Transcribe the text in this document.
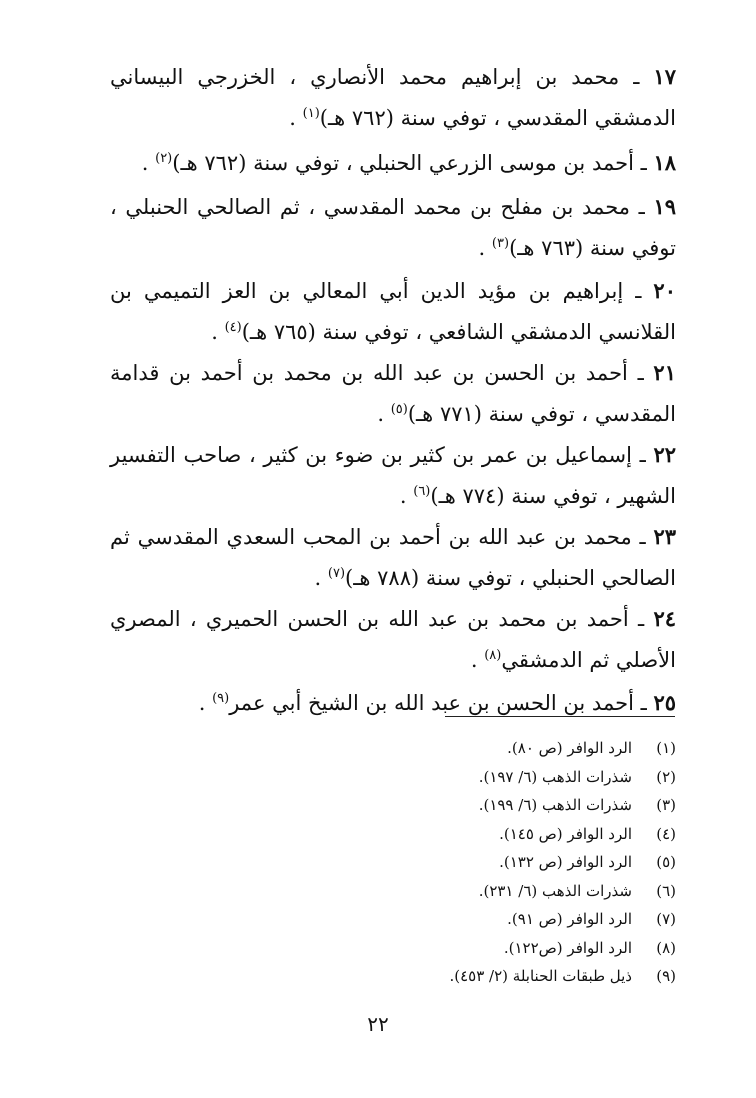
١٧ ـ محمد بن إبراهيم محمد الأنصاري ، الخزرجي البيساني الدمشقي المقدسي ، توفي سنة (٧٦٢ هـ)$^{(١)}$ .

١٨ ـ أحمد بن موسى الزرعي الحنبلي ، توفي سنة (٧٦٢ هـ)$^{(٢)}$ .

١٩ ـ محمد بن مفلح بن محمد المقدسي ، ثم الصالحي الحنبلي ، توفي سنة (٧٦٣ هـ)$^{(٣)}$ .

٢٠ ـ إبراهيم بن مؤيد الدين أبي المعالي بن العز التميمي بن القلانسي الدمشقي الشافعي ، توفي سنة (٧٦٥ هـ)$^{(٤)}$ .

٢١ ـ أحمد بن الحسن بن عبد الله بن محمد بن أحمد بن قدامة المقدسي ، توفي سنة (٧٧١ هـ)$^{(٥)}$ .

٢٢ ـ إسماعيل بن عمر بن كثير بن ضوء بن كثير ، صاحب التفسير الشهير ، توفي سنة (٧٧٤ هـ)$^{(٦)}$ .

٢٣ ـ محمد بن عبد الله بن أحمد بن المحب السعدي المقدسي ثم الصالحي الحنبلي ، توفي سنة (٧٨٨ هـ)$^{(٧)}$ .

٢٤ ـ أحمد بن محمد بن عبد الله بن الحسن الحميري ، المصري الأصلي ثم الدمشقي$^{(٨)}$ .

٢٥ ـ أحمد بن الحسن بن عبد الله بن الشيخ أبي عمر$^{(٩)}$ .

(١)
الرد الوافر (ص ٨٠).
(٢)
شذرات الذهب (٦/ ١٩٧).
(٣)
شذرات الذهب (٦/ ١٩٩).
(٤)
الرد الوافر (ص ١٤٥).
(٥)
الرد الوافر (ص ١٣٢).
(٦)
شذرات الذهب (٦/ ٢٣١).
(٧)
الرد الوافر (ص ٩١).
(٨)
الرد الوافر (ص١٢٢).
(٩)
ذيل طبقات الحنابلة (٢/ ٤٥٣).
٢٢
